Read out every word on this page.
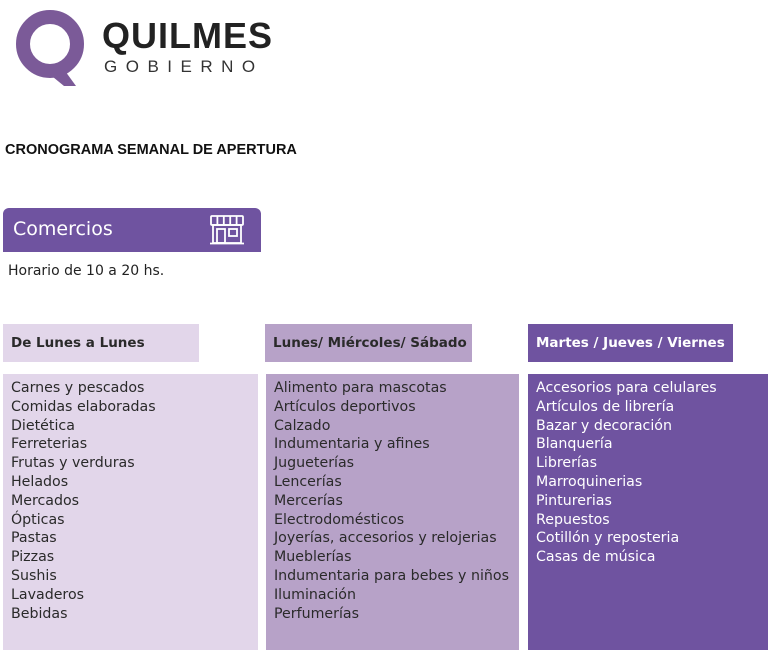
QUILMES
GOBIERNO
CRONOGRAMA SEMANAL DE APERTURA
Comercios
Horario de 10 a 20 hs.
De Lunes a Lunes	Lunes/ Miércoles/ Sábado	Martes / Jueves / Viernes
Carnes y pescados
Comidas elaboradas
Dietética
Ferreterias
Frutas y verduras
Helados
Mercados
Ópticas
Pastas
Pizzas
Sushis
Lavaderos
Bebidas
Alimento para mascotas
Artículos deportivos
Calzado
Indumentaria y afines
Jugueterías
Lencerías
Mercerías
Electrodomésticos
Joyerías, accesorios y relojerias
Mueblerías
Indumentaria para bebes y niños
Iluminación
Perfumerías
Accesorios para celulares
Artículos de librería
Bazar y decoración
Blanquería
Librerías
Marroquinerias
Pinturerias
Repuestos
Cotillón y reposteria
Casas de música
